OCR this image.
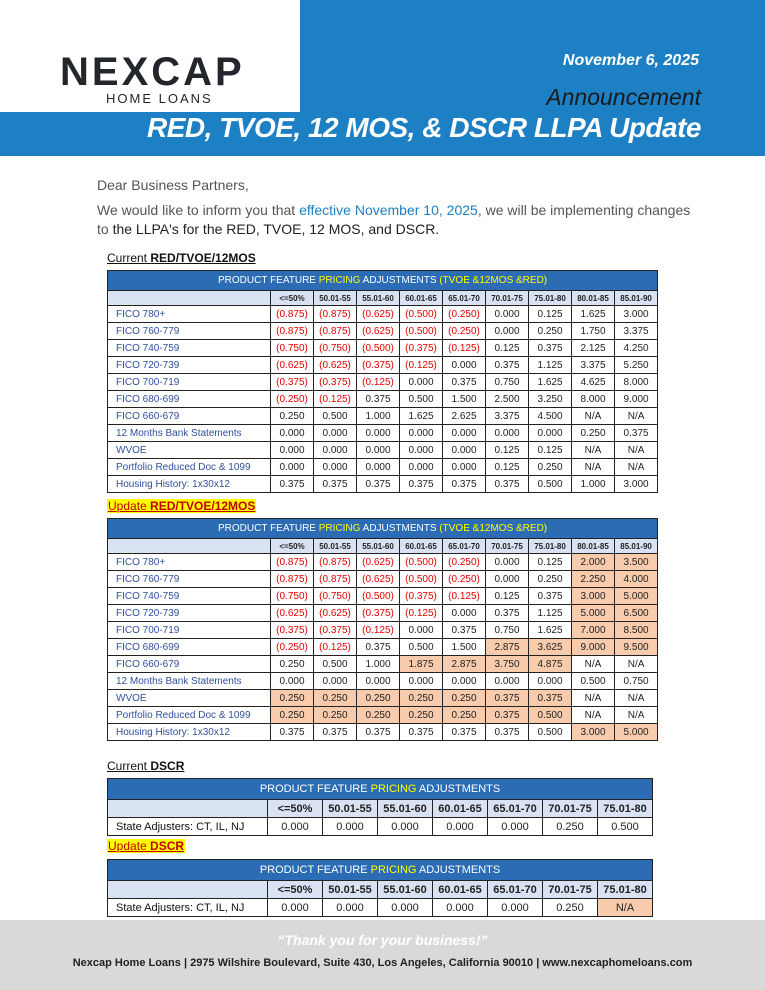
NEXCAP
HOME LOANS
November 6, 2025
Announcement
RED, TVOE, 12 MOS, & DSCR LLPA Update
Dear Business Partners,
We would like to inform you that effective November 10, 2025, we will be implementing changes to the LLPA's for the RED, TVOE, 12 MOS, and DSCR.
Current RED/TVOE/12MOS
PRODUCT FEATURE PRICING ADJUSTMENTS (TVOE &12MOS &RED)									
	<=50%	50.01-55	55.01-60	60.01-65	65.01-70	70.01-75	75.01-80	80.01-85	85.01-90
FICO 780+	(0.875)	(0.875)	(0.625)	(0.500)	(0.250)	0.000	0.125	1.625	3.000
FICO 760-779	(0.875)	(0.875)	(0.625)	(0.500)	(0.250)	0.000	0.250	1.750	3.375
FICO 740-759	(0.750)	(0.750)	(0.500)	(0.375)	(0.125)	0.125	0.375	2.125	4.250
FICO 720-739	(0.625)	(0.625)	(0.375)	(0.125)	0.000	0.375	1.125	3.375	5.250
FICO 700-719	(0.375)	(0.375)	(0.125)	0.000	0.375	0.750	1.625	4.625	8.000
FICO 680-699	(0.250)	(0.125)	0.375	0.500	1.500	2.500	3.250	8.000	9.000
FICO 660-679	0.250	0.500	1.000	1.625	2.625	3.375	4.500	N/A	N/A
12 Months Bank Statements	0.000	0.000	0.000	0.000	0.000	0.000	0.000	0.250	0.375
WVOE	0.000	0.000	0.000	0.000	0.000	0.125	0.125	N/A	N/A
Portfolio Reduced Doc & 1099	0.000	0.000	0.000	0.000	0.000	0.125	0.250	N/A	N/A
Housing History: 1x30x12	0.375	0.375	0.375	0.375	0.375	0.375	0.500	1.000	3.000
Update RED/TVOE/12MOS
PRODUCT FEATURE PRICING ADJUSTMENTS (TVOE &12MOS &RED)									
	<=50%	50.01-55	55.01-60	60.01-65	65.01-70	70.01-75	75.01-80	80.01-85	85.01-90
FICO 780+	(0.875)	(0.875)	(0.625)	(0.500)	(0.250)	0.000	0.125	2.000	3.500
FICO 760-779	(0.875)	(0.875)	(0.625)	(0.500)	(0.250)	0.000	0.250	2.250	4.000
FICO 740-759	(0.750)	(0.750)	(0.500)	(0.375)	(0.125)	0.125	0.375	3.000	5.000
FICO 720-739	(0.625)	(0.625)	(0.375)	(0.125)	0.000	0.375	1.125	5.000	6.500
FICO 700-719	(0.375)	(0.375)	(0.125)	0.000	0.375	0.750	1.625	7.000	8.500
FICO 680-699	(0.250)	(0.125)	0.375	0.500	1.500	2.875	3.625	9.000	9.500
FICO 660-679	0.250	0.500	1.000	1.875	2.875	3.750	4.875	N/A	N/A
12 Months Bank Statements	0.000	0.000	0.000	0.000	0.000	0.000	0.000	0.500	0.750
WVOE	0.250	0.250	0.250	0.250	0.250	0.375	0.375	N/A	N/A
Portfolio Reduced Doc & 1099	0.250	0.250	0.250	0.250	0.250	0.375	0.500	N/A	N/A
Housing History: 1x30x12	0.375	0.375	0.375	0.375	0.375	0.375	0.500	3.000	5.000
Current DSCR
PRODUCT FEATURE PRICING ADJUSTMENTS							
	<=50%	50.01-55	55.01-60	60.01-65	65.01-70	70.01-75	75.01-80
State Adjusters: CT, IL, NJ	0.000	0.000	0.000	0.000	0.000	0.250	0.500
Update DSCR
PRODUCT FEATURE PRICING ADJUSTMENTS							
	<=50%	50.01-55	55.01-60	60.01-65	65.01-70	70.01-75	75.01-80
State Adjusters: CT, IL, NJ	0.000	0.000	0.000	0.000	0.000	0.250	N/A
“Thank you for your business!”
Nexcap Home Loans | 2975 Wilshire Boulevard, Suite 430, Los Angeles, California 90010 | www.nexcaphomeloans.com
